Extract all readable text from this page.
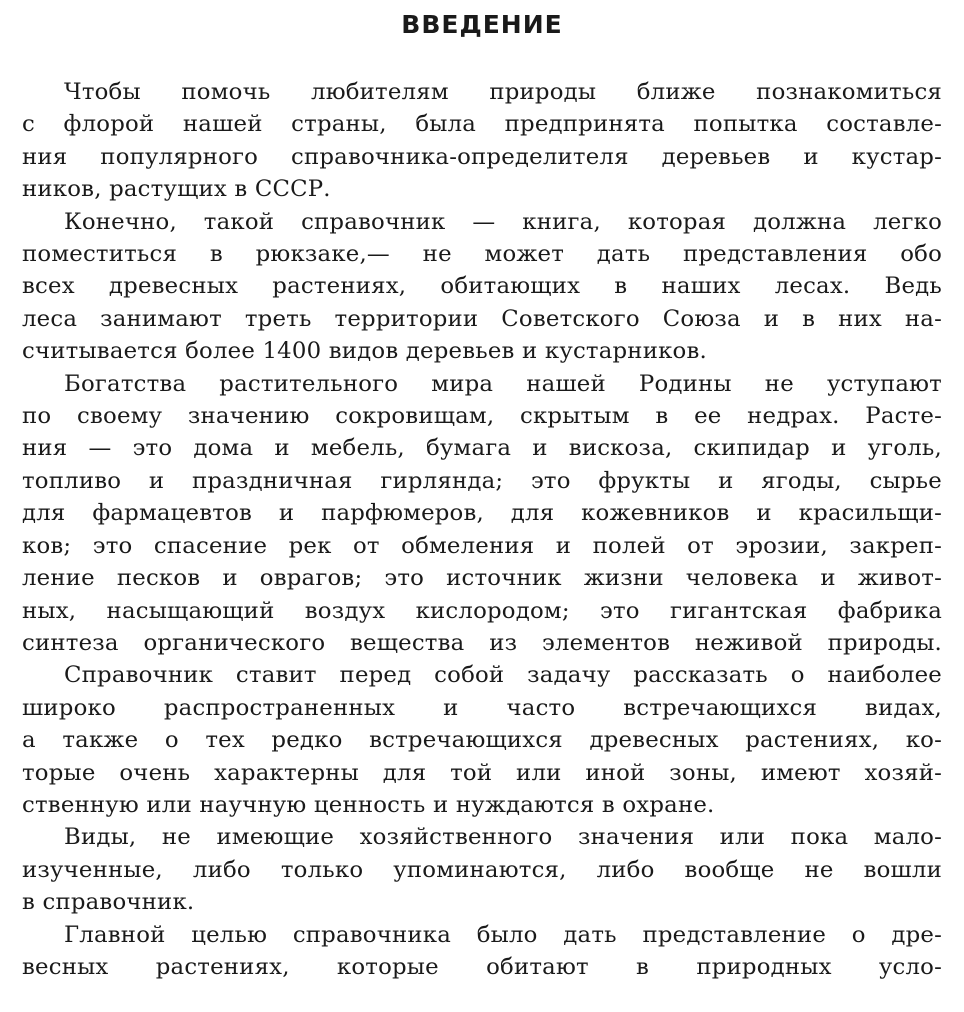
ВВЕДЕНИЕ
Чтобы помочь любителям природы ближе познакомиться
с флорой нашей страны, была предпринята попытка составле-
ния популярного справочника-определителя деревьев и кустар-
ников, растущих в СССР.
Конечно, такой справочник — книга, которая должна легко
поместиться в рюкзаке,— не может дать представления обо
всех древесных растениях, обитающих в наших лесах. Ведь
леса занимают треть территории Советского Союза и в них на-
считывается более 1400 видов деревьев и кустарников.
Богатства растительного мира нашей Родины не уступают
по своему значению сокровищам, скрытым в ее недрах. Расте-
ния — это дома и мебель, бумага и вискоза, скипидар и уголь,
топливо и праздничная гирлянда; это фрукты и ягоды, сырье
для фармацевтов и парфюмеров, для кожевников и красильщи-
ков; это спасение рек от обмеления и полей от эрозии, закреп-
ление песков и оврагов; это источник жизни человека и живот-
ных, насыщающий воздух кислородом; это гигантская фабрика
синтеза органического вещества из элементов неживой природы.
Справочник ставит перед собой задачу рассказать о наиболее
широко распространенных и часто встречающихся видах,
а также о тех редко встречающихся древесных растениях, ко-
торые очень характерны для той или иной зоны, имеют хозяй-
ственную или научную ценность и нуждаются в охране.
Виды, не имеющие хозяйственного значения или пока мало-
изученные, либо только упоминаются, либо вообще не вошли
в справочник.
Главной целью справочника было дать представление о дре-
весных растениях, которые обитают в природных усло-
